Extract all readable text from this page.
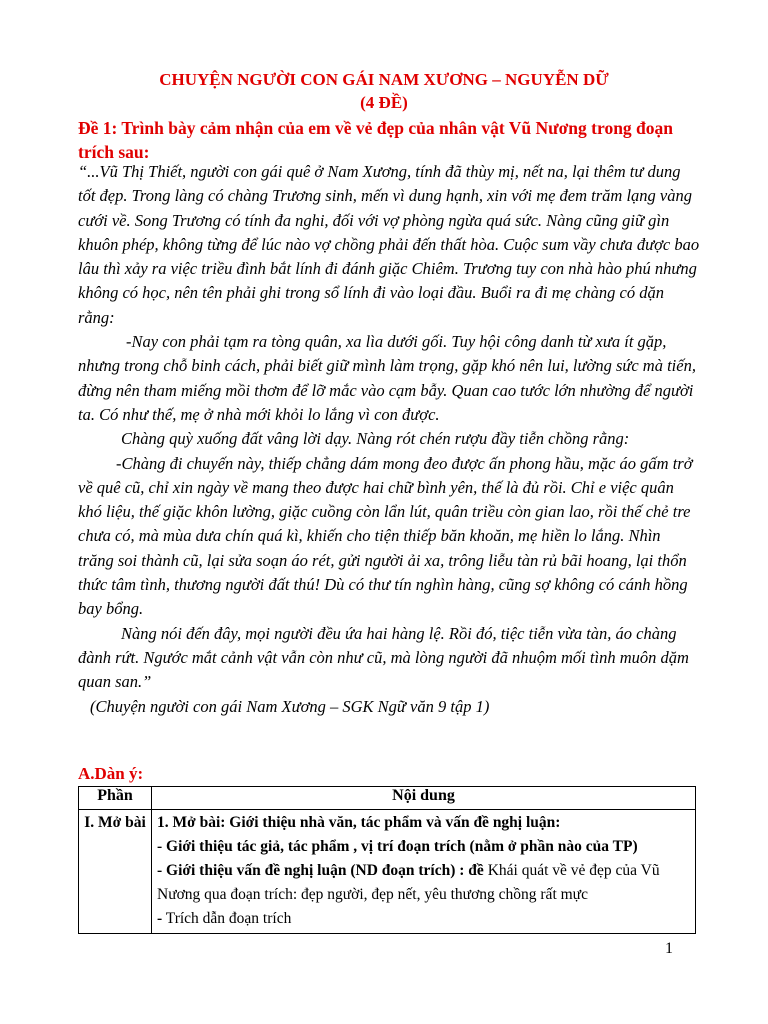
CHUYỆN NGƯỜI CON GÁI NAM XƯƠNG – NGUYỄN DỮ
(4 ĐỀ)
Đề 1: Trình bày cảm nhận của em về vẻ đẹp của nhân vật Vũ Nương trong đoạn trích sau:

“...Vũ Thị Thiết, người con gái quê ở Nam Xương, tính đã thùy mị, nết na, lại thêm tư dung tốt đẹp. Trong làng có chàng Trương sinh, mến vì dung hạnh, xin với mẹ đem trăm lạng vàng cưới về. Song Trương có tính đa nghi, đối với vợ phòng ngừa quá sức. Nàng cũng giữ gìn khuôn phép, không từng để lúc nào vợ chồng phải đến thất hòa. Cuộc sum vầy chưa được bao lâu thì xảy ra việc triều đình bắt lính đi đánh giặc Chiêm. Trương tuy con nhà hào phú nhưng không có học, nên tên phải ghi trong sổ lính đi vào loại đầu. Buổi ra đi mẹ chàng có dặn rằng:

-Nay con phải tạm ra tòng quân, xa lìa dưới gối. Tuy hội công danh từ xưa ít gặp, nhưng trong chỗ binh cách, phải biết giữ mình làm trọng, gặp khó nên lui, lường sức mà tiến, đừng nên tham miếng mồi thơm để lỡ mắc vào cạm bẫy. Quan cao tước lớn nhường để người ta. Có như thế, mẹ ở nhà mới khỏi lo lắng vì con được.

Chàng quỳ xuống đất vâng lời dạy. Nàng rót chén rượu đầy tiễn chồng rằng:

-Chàng đi chuyến này, thiếp chẳng dám mong đeo được ấn phong hầu, mặc áo gấm trở về quê cũ, chỉ xin ngày về mang theo được hai chữ bình yên, thế là đủ rồi. Chỉ e việc quân khó liệu, thế giặc khôn lường, giặc cuồng còn lẩn lút, quân triều còn gian lao, rồi thế chẻ tre chưa có, mà mùa dưa chín quá kì, khiến cho tiện thiếp băn khoăn, mẹ hiền lo lắng. Nhìn trăng soi thành cũ, lại sửa soạn áo rét, gửi người ải xa, trông liễu tàn rủ bãi hoang, lại thổn thức tâm tình, thương người đất thú! Dù có thư tín nghìn hàng, cũng sợ không có cánh hồng bay bổng.

Nàng nói đến đây, mọi người đều ứa hai hàng lệ. Rồi đó, tiệc tiễn vừa tàn, áo chàng đành rứt. Ngước mắt cảnh vật vẫn còn như cũ, mà lòng người đã nhuộm mối tình muôn dặm quan san.”

(Chuyện người con gái Nam Xương – SGK Ngữ văn 9 tập 1)

A.Dàn ý:
Phần	Nội dung
I. Mở bài	1. Mở bài: Giới thiệu nhà văn, tác phẩm và vấn đề nghị luận:
- Giới thiệu tác giả, tác phẩm , vị trí đoạn trích (nằm ở phần nào của TP)
- Giới thiệu vấn đề nghị luận (ND đoạn trích) : đề Khái quát về vẻ đẹp của Vũ Nương qua đoạn trích: đẹp người, đẹp nết, yêu thương chồng rất mực
- Trích dẫn đoạn trích
1
